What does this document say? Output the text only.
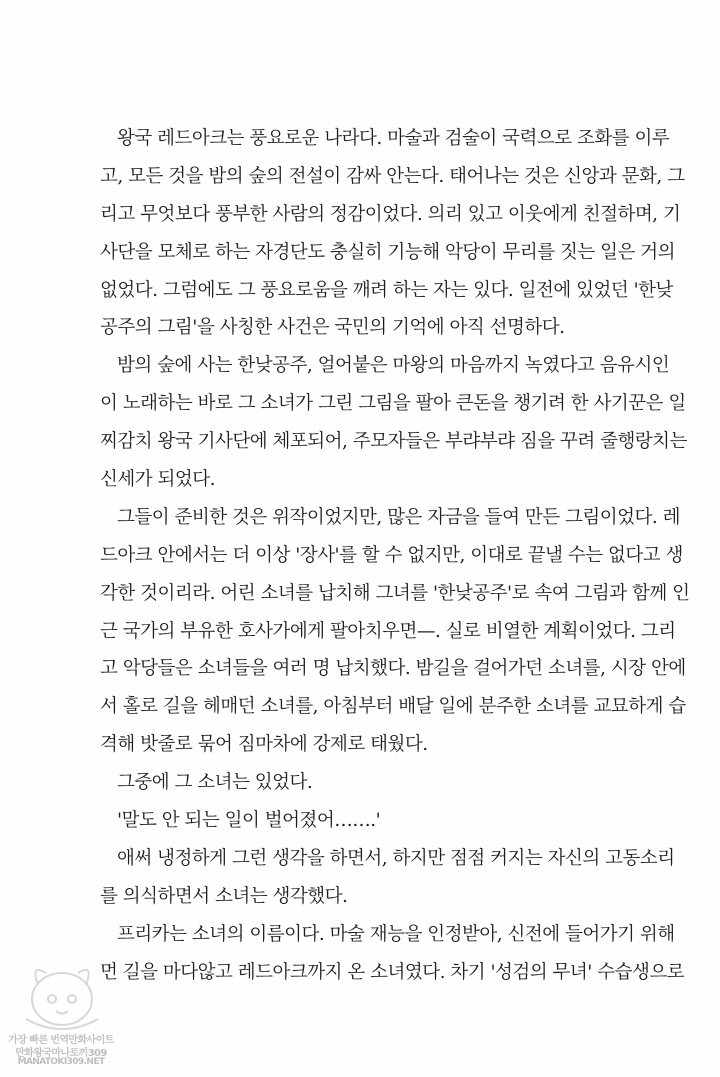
왕국 레드아크는 풍요로운 나라다. 마술과 검술이 국력으로 조화를 이루
고, 모든 것을 밤의 숲의 전설이 감싸 안는다. 태어나는 것은 신앙과 문화, 그
리고 무엇보다 풍부한 사람의 정감이었다. 의리 있고 이웃에게 친절하며, 기
사단을 모체로 하는 자경단도 충실히 기능해 악당이 무리를 짓는 일은 거의
없었다. 그럼에도 그 풍요로움을 깨려 하는 자는 있다. 일전에 있었던 '한낮
공주의 그림'을 사칭한 사건은 국민의 기억에 아직 선명하다.
밤의 숲에 사는 한낮공주, 얼어붙은 마왕의 마음까지 녹였다고 음유시인
이 노래하는 바로 그 소녀가 그린 그림을 팔아 큰돈을 챙기려 한 사기꾼은 일
찌감치 왕국 기사단에 체포되어, 주모자들은 부랴부랴 짐을 꾸려 줄행랑치는
신세가 되었다.
그들이 준비한 것은 위작이었지만, 많은 자금을 들여 만든 그림이었다. 레
드아크 안에서는 더 이상 '장사'를 할 수 없지만, 이대로 끝낼 수는 없다고 생
각한 것이리라. 어린 소녀를 납치해 그녀를 '한낮공주'로 속여 그림과 함께 인
근 국가의 부유한 호사가에게 팔아치우면—. 실로 비열한 계획이었다. 그리
고 악당들은 소녀들을 여러 명 납치했다. 밤길을 걸어가던 소녀를, 시장 안에
서 홀로 길을 헤매던 소녀를, 아침부터 배달 일에 분주한 소녀를 교묘하게 습
격해 밧줄로 묶어 짐마차에 강제로 태웠다.
그중에 그 소녀는 있었다.
'말도 안 되는 일이 벌어졌어…….'
애써 냉정하게 그런 생각을 하면서, 하지만 점점 커지는 자신의 고동소리
를 의식하면서 소녀는 생각했다.
프리카는 소녀의 이름이다. 마술 재능을 인정받아, 신전에 들어가기 위해
먼 길을 마다않고 레드아크까지 온 소녀였다. 차기 '성검의 무녀' 수습생으로
가장 빠른 번역만화사이트
만화왕국마나토끼309
MANATOKI309.NET
